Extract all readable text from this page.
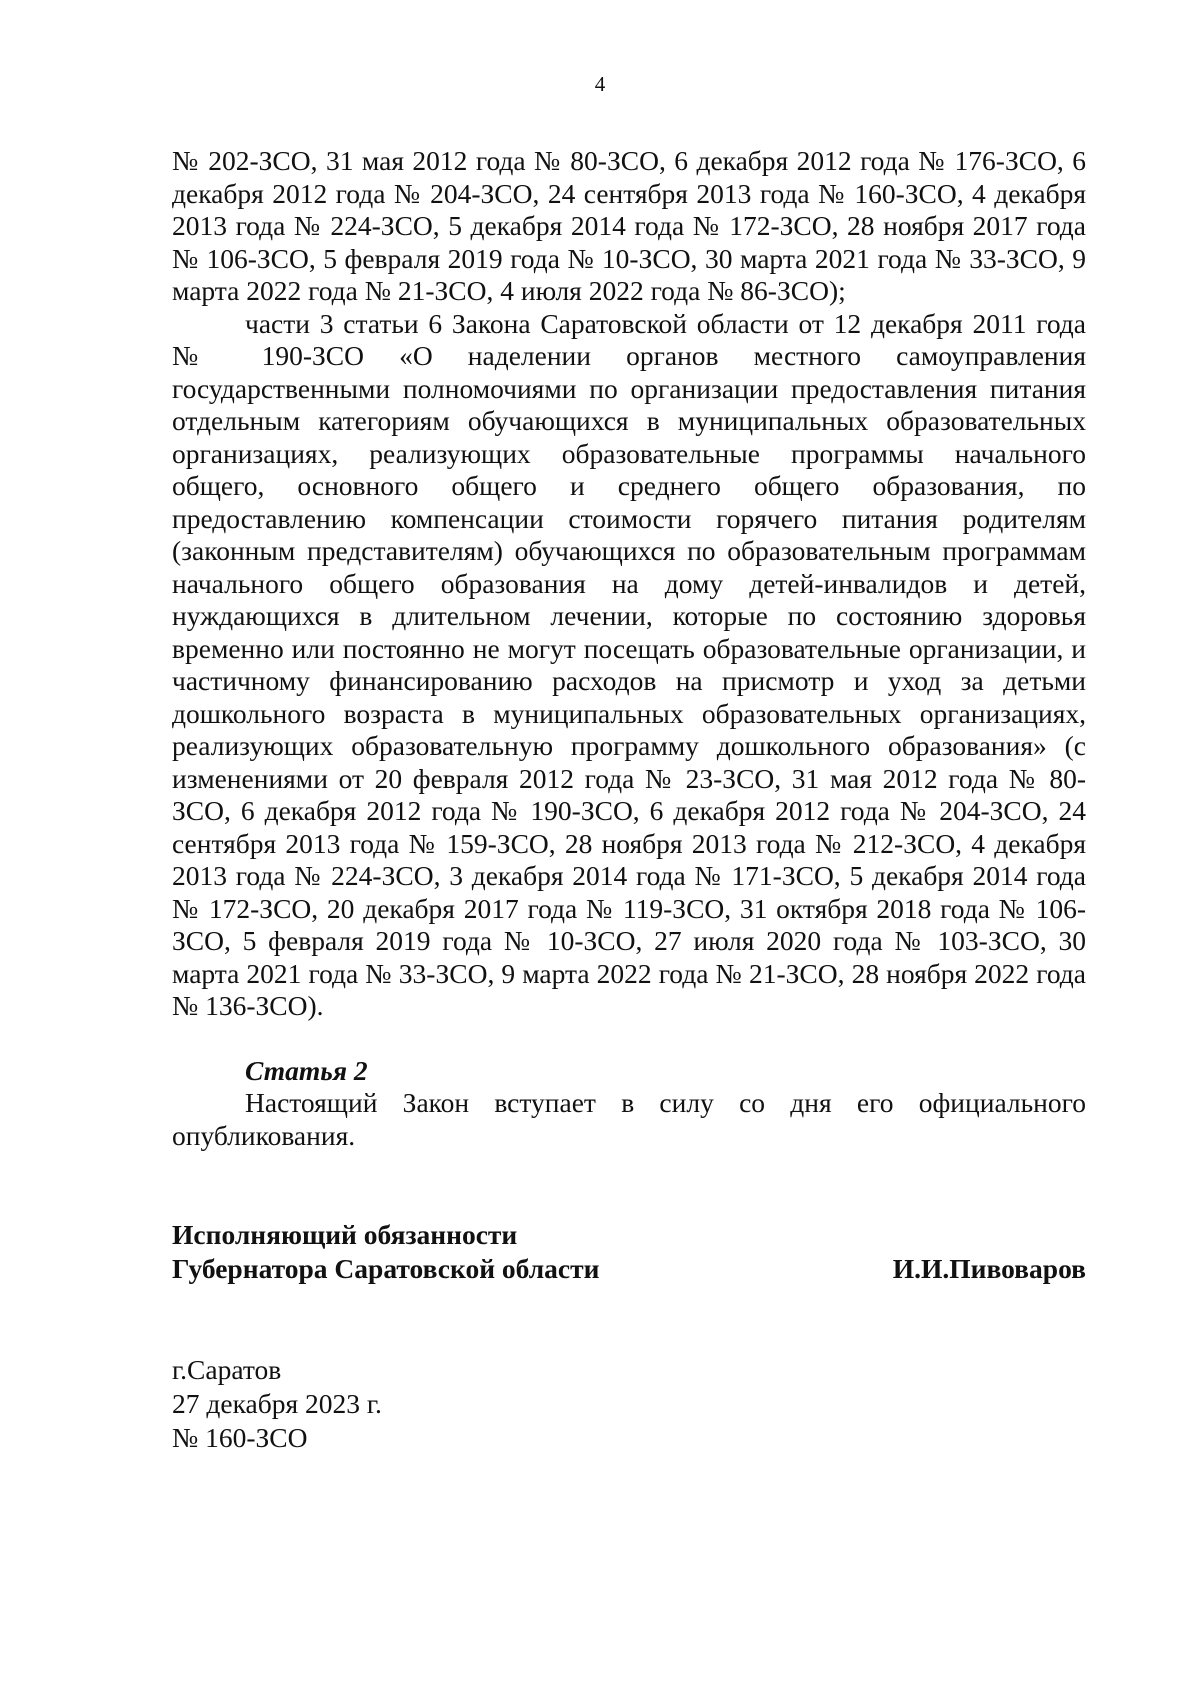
4

№ 202-ЗСО, 31 мая 2012 года № 80-ЗСО, 6 декабря 2012 года № 176-ЗСО, 6 декабря 2012 года № 204-ЗСО, 24 сентября 2013 года № 160-ЗСО, 4 декабря 2013 года № 224-ЗСО, 5 декабря 2014 года № 172-ЗСО, 28 ноября 2017 года № 106-ЗСО, 5 февраля 2019 года № 10-ЗСО, 30 марта 2021 года № 33-ЗСО, 9 марта 2022 года № 21-ЗСО, 4 июля 2022 года № 86-ЗСО);

части 3 статьи 6 Закона Саратовской области от 12 декабря 2011 года № 190-ЗСО «О наделении органов местного самоуправления государственными полномочиями по организации предоставления питания отдельным категориям обучающихся в муниципальных образовательных организациях, реализующих образовательные программы начального общего, основного общего и среднего общего образования, по предоставлению компенсации стоимости горячего питания родителям (законным представителям) обучающихся по образовательным программам начального общего образования на дому детей-инвалидов и детей, нуждающихся в длительном лечении, которые по состоянию здоровья временно или постоянно не могут посещать образовательные организации, и частичному финансированию расходов на присмотр и уход за детьми дошкольного возраста в муниципальных образовательных организациях, реализующих образовательную программу дошкольного образования» (с изменениями от 20 февраля 2012 года № 23-ЗСО, 31 мая 2012 года № 80-ЗСО, 6 декабря 2012 года № 190-ЗСО, 6 декабря 2012 года № 204-ЗСО, 24 сентября 2013 года № 159-ЗСО, 28 ноября 2013 года № 212-ЗСО, 4 декабря 2013 года № 224-ЗСО, 3 декабря 2014 года № 171-ЗСО, 5 декабря 2014 года № 172-ЗСО, 20 декабря 2017 года № 119-ЗСО, 31 октября 2018 года № 106-ЗСО, 5 февраля 2019 года № 10-ЗСО, 27 июля 2020 года № 103-ЗСО, 30 марта 2021 года № 33-ЗСО, 9 марта 2022 года № 21-ЗСО, 28 ноября 2022 года № 136-ЗСО).

Статья 2

Настоящий Закон вступает в силу со дня его официального опубликования.

Исполняющий обязанности

Губернатора Саратовской области	И.И.Пивоваров

г.Саратов

27 декабря 2023 г.

№ 160-ЗСО
